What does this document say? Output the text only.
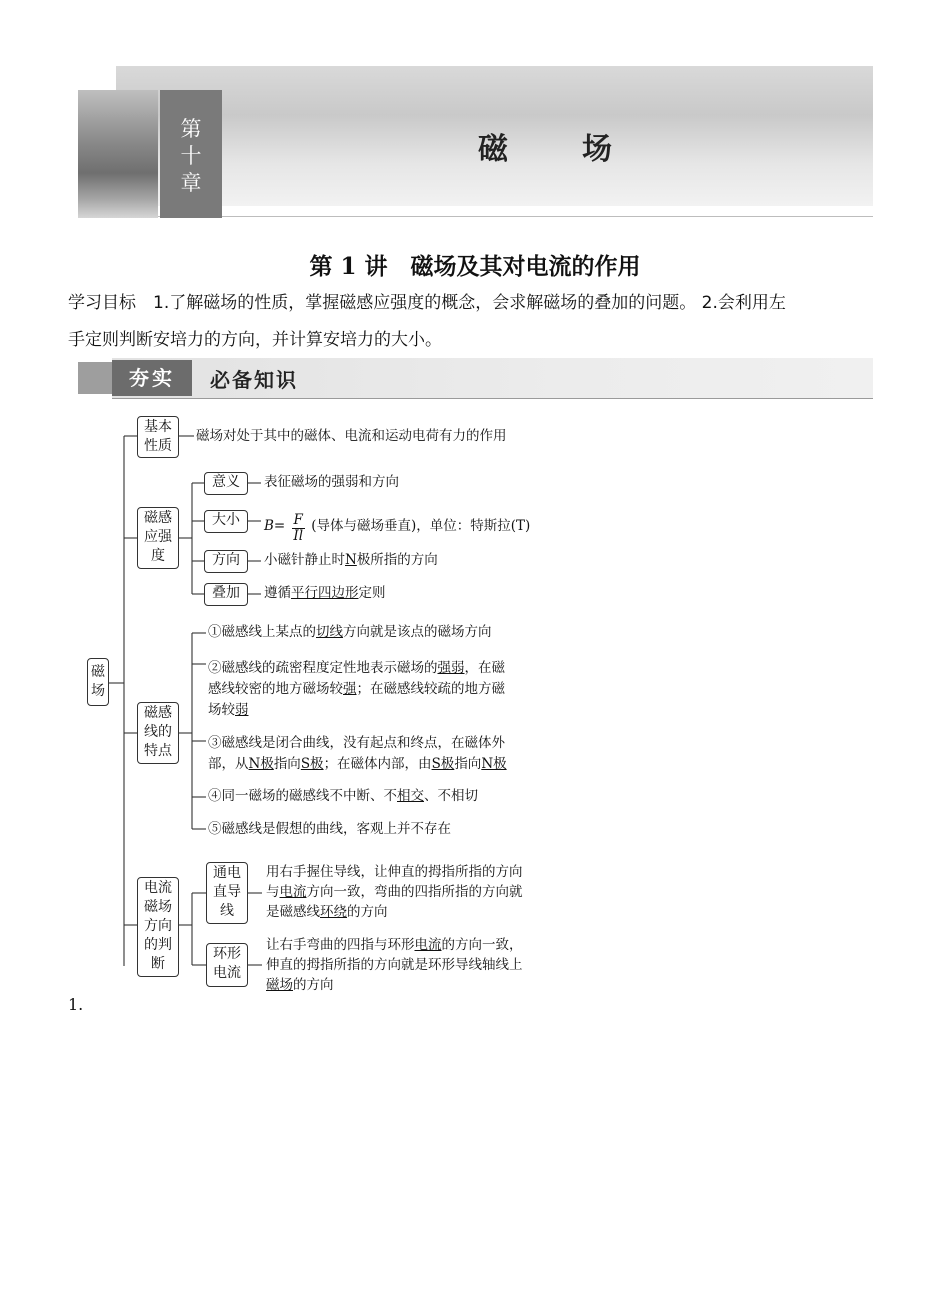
第十章
磁　场
第 1 讲　磁场及其对电流的作用
学习目标　1.了解磁场的性质，掌握磁感应强度的概念，会求解磁场的叠加的问题。 2.会利用左
手定则判断安培力的方向，并计算安培力的大小。
夯实	必备知识
磁场
基本性质
磁场对处于其中的磁体、电流和运动电荷有力的作用
磁感应强度
意义	表征磁场的强弱和方向
大小	$B= \frac{F}{Il}$ (导体与磁场垂直)，单位：特斯拉(T)
方向	小磁针静止时N极所指的方向
叠加	遵循平行四边形定则
磁感线的特点
①磁感线上某点的切线方向就是该点的磁场方向
②磁感线的疏密程度定性地表示磁场的强弱，在磁
感线较密的地方磁场较强；在磁感线较疏的地方磁
场较弱
③磁感线是闭合曲线，没有起点和终点，在磁体外
部，从N极指向S极；在磁体内部，由S极指向N极
④同一磁场的磁感线不中断、不相交、不相切
⑤磁感线是假想的曲线，客观上并不存在
电流磁场方向的判断
通电直导线
用右手握住导线，让伸直的拇指所指的方向
与电流方向一致，弯曲的四指所指的方向就
是磁感线环绕的方向
环形电流
让右手弯曲的四指与环形电流的方向一致，
伸直的拇指所指的方向就是环形导线轴线上
磁场的方向
1.
